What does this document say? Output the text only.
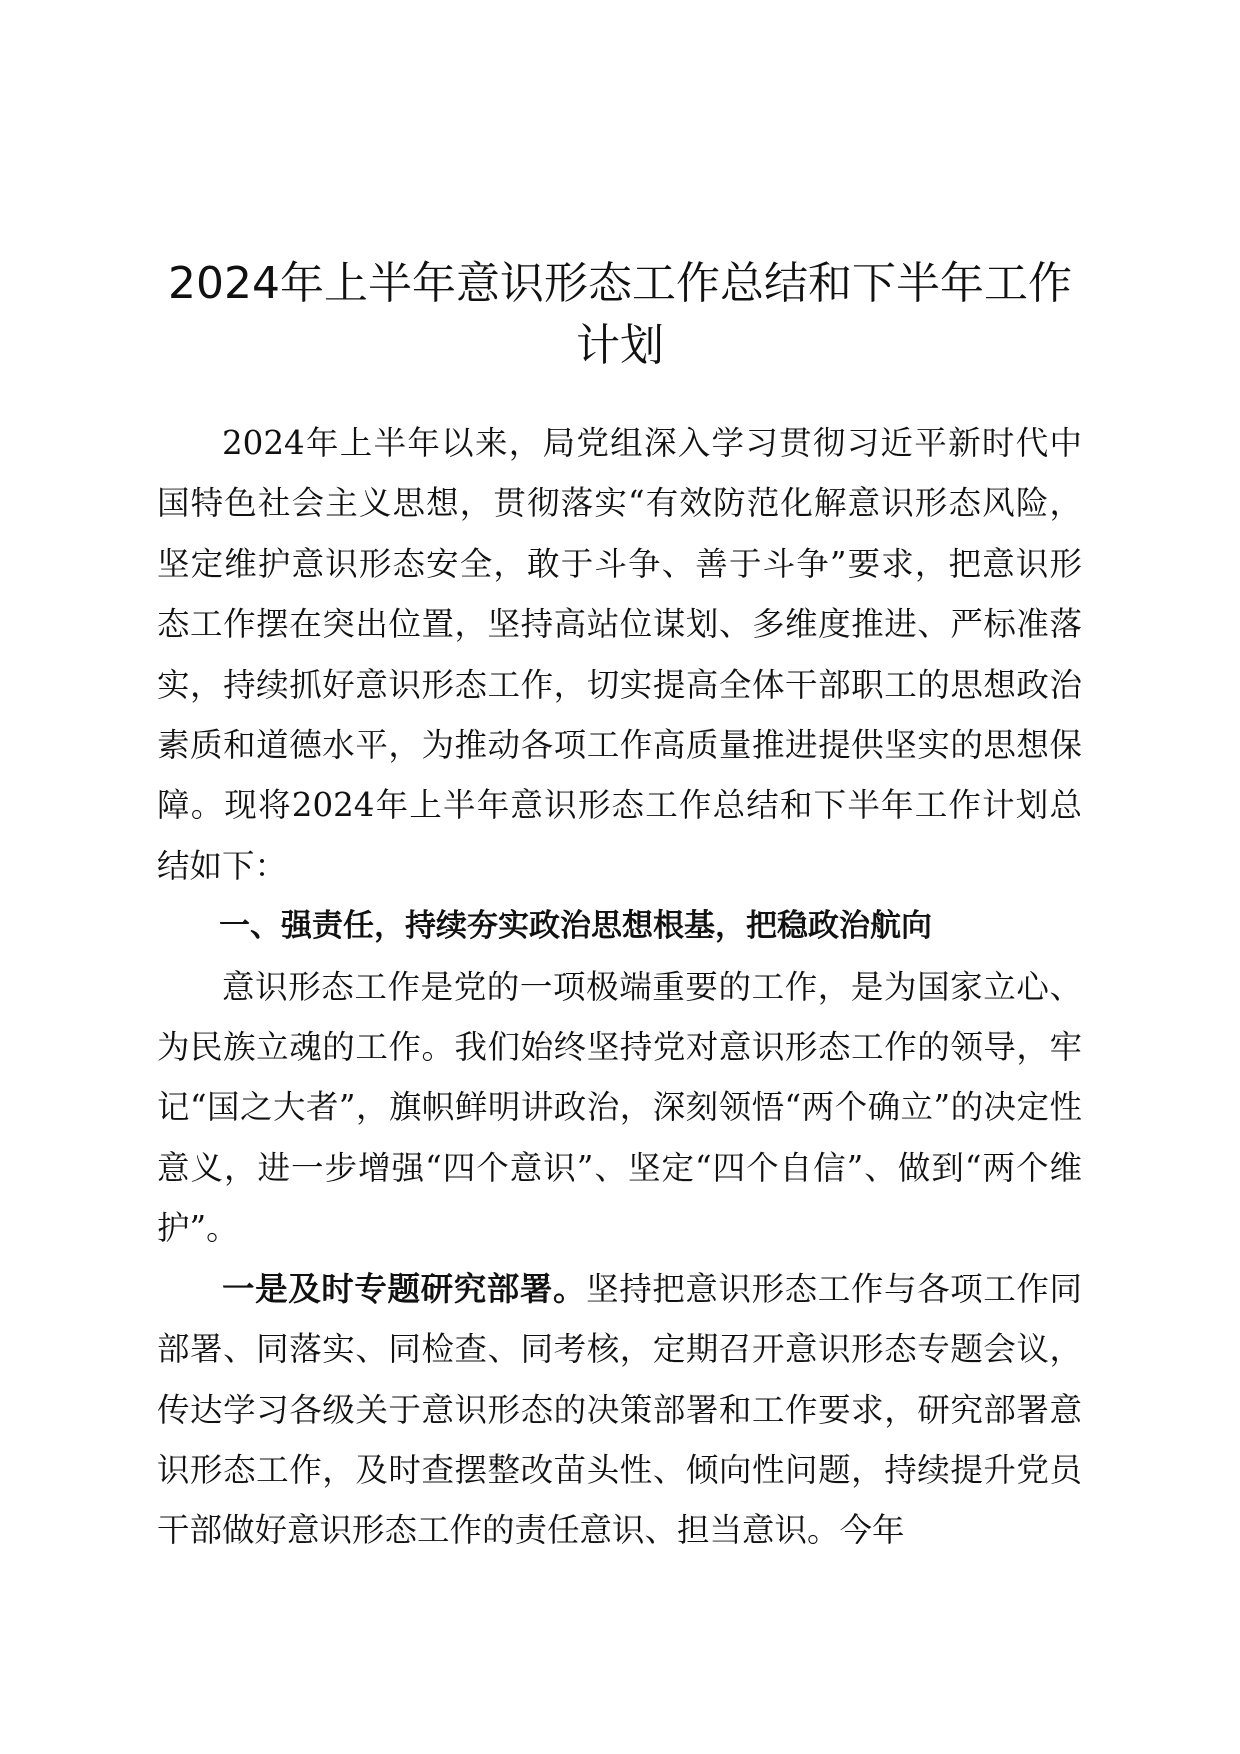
2024年上半年意识形态工作总结和下半年工作计划

2024年上半年以来，局党组深入学习贯彻习近平新时代中国特色社会主义思想，贯彻落实“有效防范化解意识形态风险，坚定维护意识形态安全，敢于斗争、善于斗争”要求，把意识形态工作摆在突出位置，坚持高站位谋划、多维度推进、严标准落实，持续抓好意识形态工作，切实提高全体干部职工的思想政治素质和道德水平，为推动各项工作高质量推进提供坚实的思想保障。现将2024年上半年意识形态工作总结和下半年工作计划总结如下：

一、强责任，持续夯实政治思想根基，把稳政治航向

意识形态工作是党的一项极端重要的工作，是为国家立心、为民族立魂的工作。我们始终坚持党对意识形态工作的领导，牢记“国之大者”，旗帜鲜明讲政治，深刻领悟“两个确立”的决定性意义，进一步增强“四个意识”、坚定“四个自信”、做到“两个维护”。

一是及时专题研究部署。坚持把意识形态工作与各项工作同部署、同落实、同检查、同考核，定期召开意识形态专题会议，传达学习各级关于意识形态的决策部署和工作要求，研究部署意识形态工作，及时查摆整改苗头性、倾向性问题，持续提升党员干部做好意识形态工作的责任意识、担当意识。今年
